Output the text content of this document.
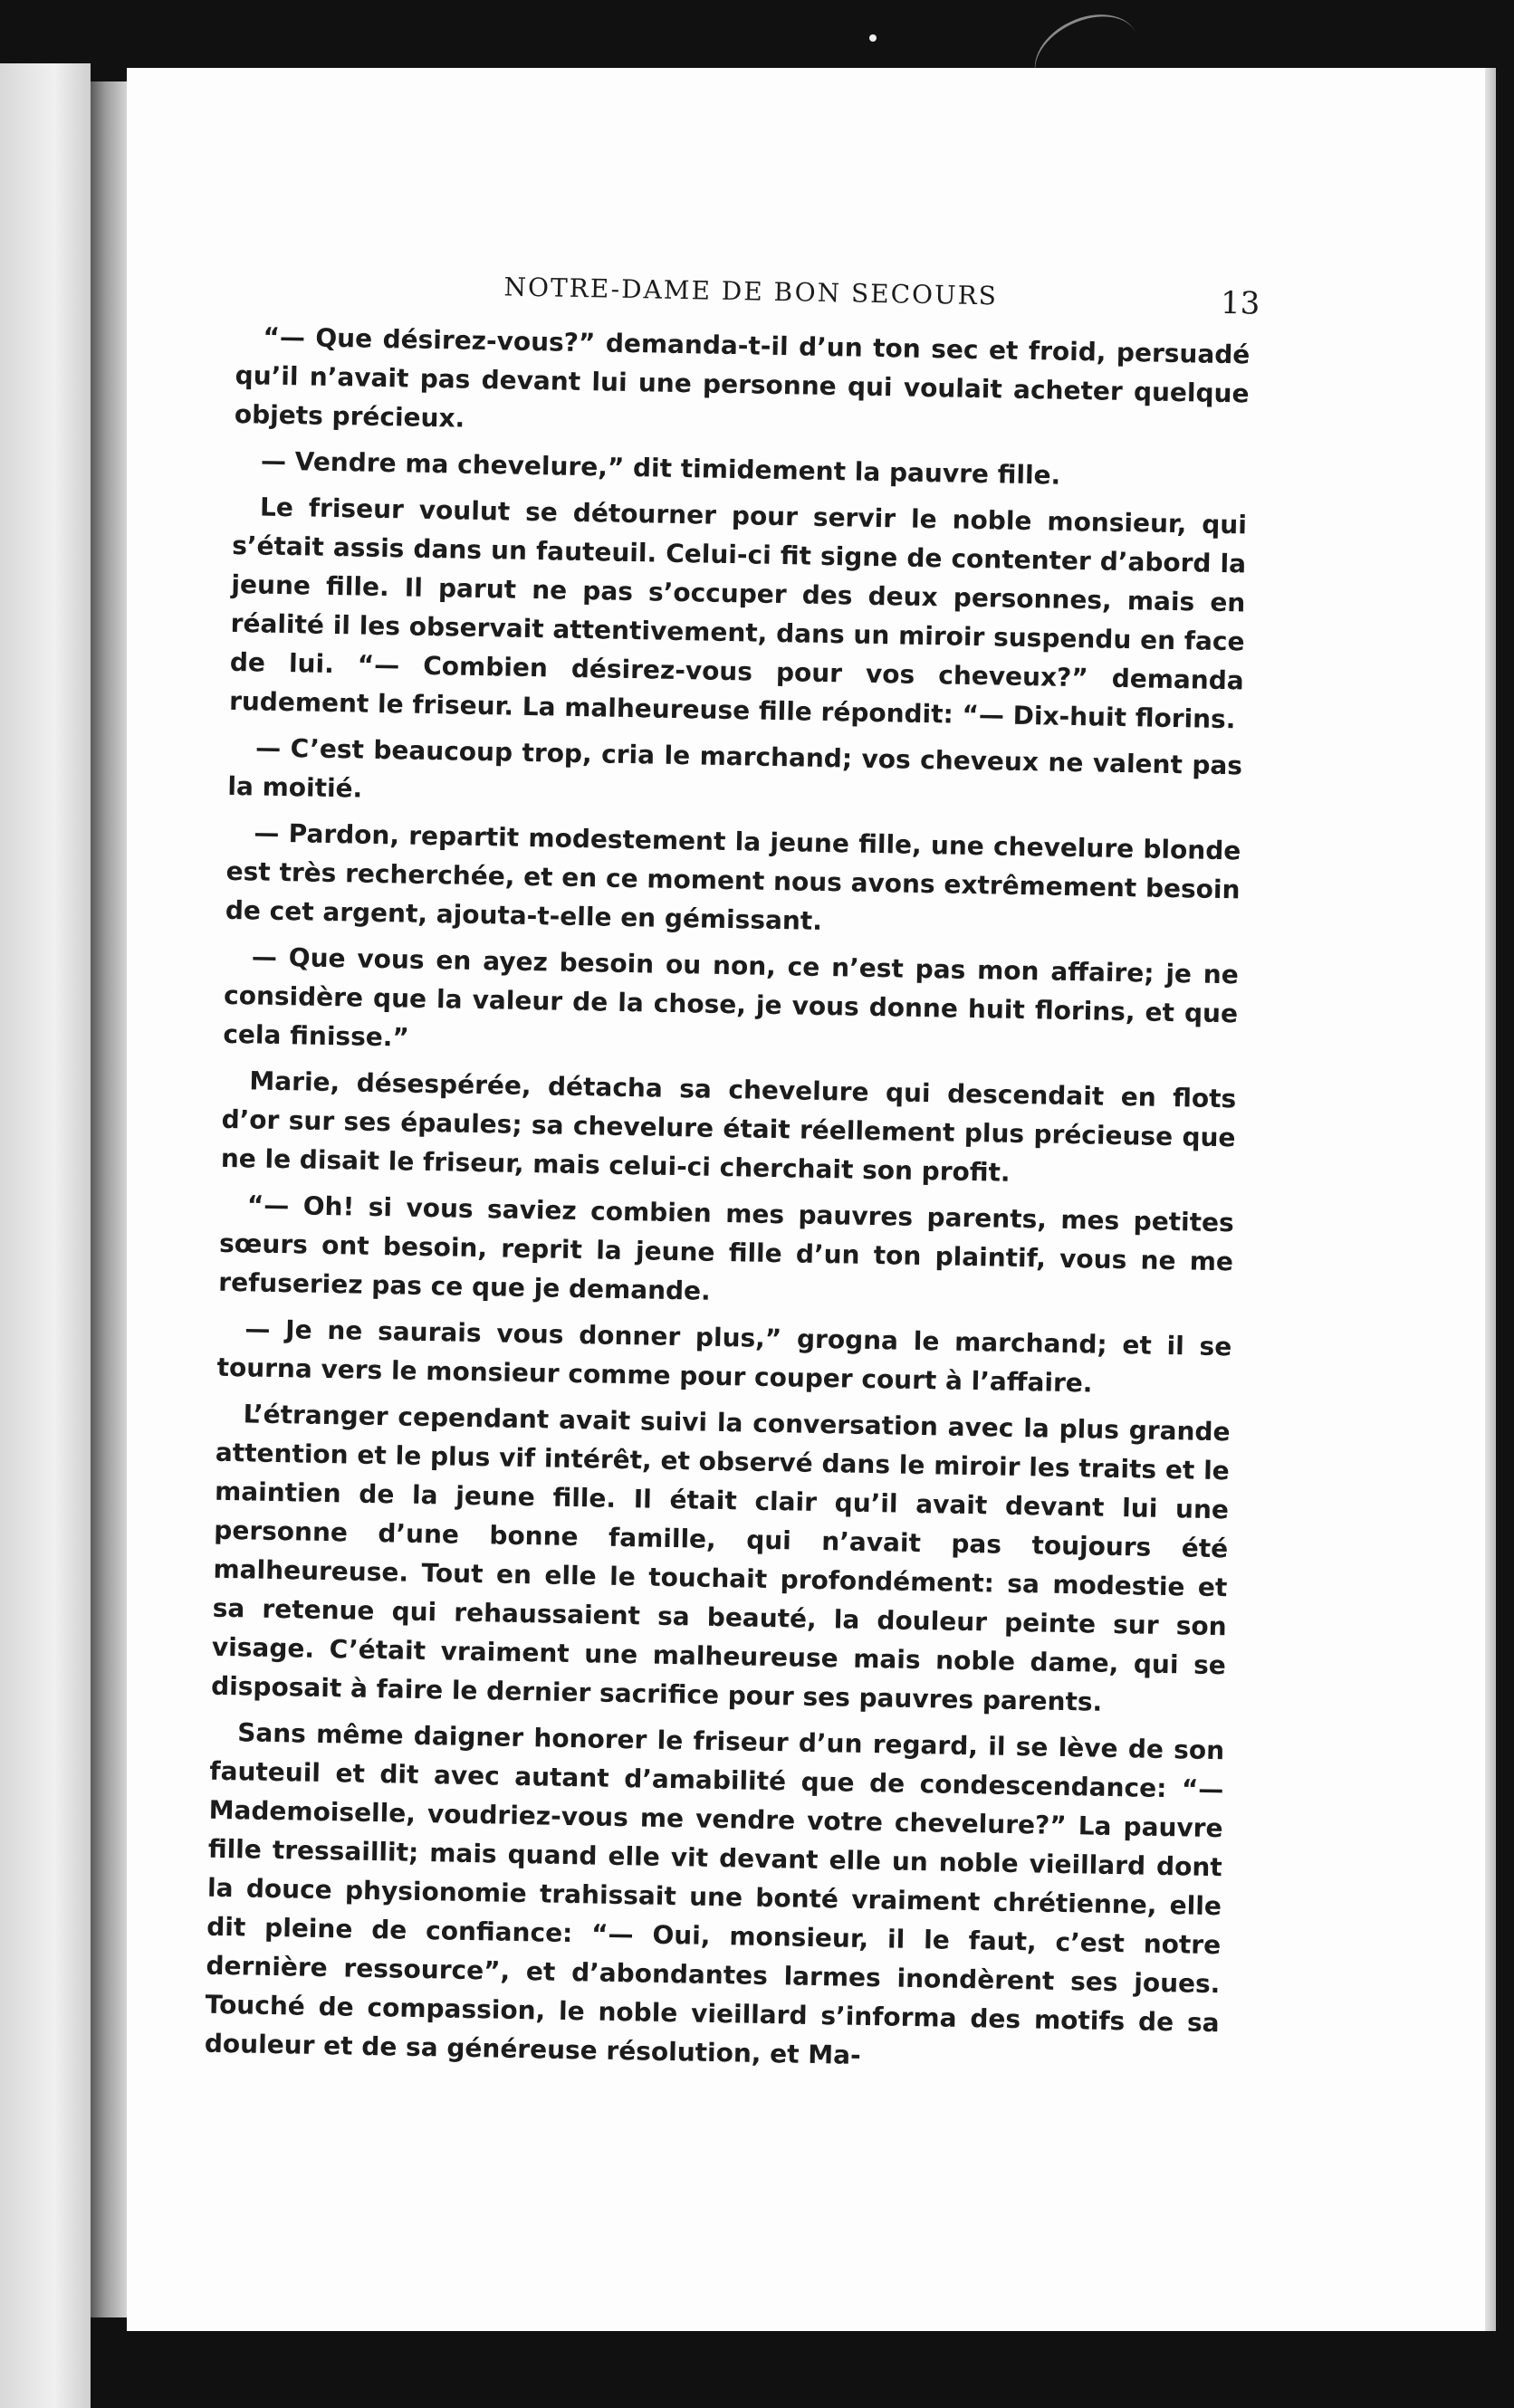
NOTRE-DAME DE BON SECOURS	13

“— Que désirez-vous?” demanda-t-il d’un ton sec et froid, persuadé qu’il n’avait pas devant lui une personne qui voulait acheter quelque objets précieux.

— Vendre ma chevelure,” dit timidement la pauvre fille.

Le friseur voulut se détourner pour servir le noble monsieur, qui s’était assis dans un fauteuil. Celui-ci fit signe de contenter d’abord la jeune fille. Il parut ne pas s’occuper des deux personnes, mais en réalité il les observait attentivement, dans un miroir suspendu en face de lui. “— Combien désirez-vous pour vos cheveux?” demanda rudement le friseur. La malheureuse fille répondit: “— Dix-huit florins.

— C’est beaucoup trop, cria le marchand; vos cheveux ne valent pas la moitié.

— Pardon, repartit modestement la jeune fille, une chevelure blonde est très recherchée, et en ce moment nous avons extrêmement besoin de cet argent, ajouta-t-elle en gémissant.

— Que vous en ayez besoin ou non, ce n’est pas mon affaire; je ne considère que la valeur de la chose, je vous donne huit florins, et que cela finisse.”

Marie, désespérée, détacha sa chevelure qui descendait en flots d’or sur ses épaules; sa chevelure était réellement plus précieuse que ne le disait le friseur, mais celui-ci cherchait son profit.

“— Oh! si vous saviez combien mes pauvres parents, mes petites sœurs ont besoin, reprit la jeune fille d’un ton plaintif, vous ne me refuseriez pas ce que je demande.

— Je ne saurais vous donner plus,” grogna le marchand; et il se tourna vers le monsieur comme pour couper court à l’affaire.

L’étranger cependant avait suivi la conversation avec la plus grande attention et le plus vif intérêt, et observé dans le miroir les traits et le maintien de la jeune fille. Il était clair qu’il avait devant lui une personne d’une bonne famille, qui n’avait pas toujours été malheureuse. Tout en elle le touchait profondément: sa modestie et sa retenue qui rehaussaient sa beauté, la douleur peinte sur son visage. C’était vraiment une malheureuse mais noble dame, qui se disposait à faire le dernier sacrifice pour ses pauvres parents.

Sans même daigner honorer le friseur d’un regard, il se lève de son fauteuil et dit avec autant d’amabilité que de condescendance: “— Mademoiselle, voudriez-vous me vendre votre chevelure?” La pauvre fille tressaillit; mais quand elle vit devant elle un noble vieillard dont la douce physionomie trahissait une bonté vraiment chrétienne, elle dit pleine de confiance: “— Oui, monsieur, il le faut, c’est notre dernière ressource”, et d’abondantes larmes inondèrent ses joues. Touché de compassion, le noble vieillard s’informa des motifs de sa douleur et de sa généreuse résolution, et Ma-
